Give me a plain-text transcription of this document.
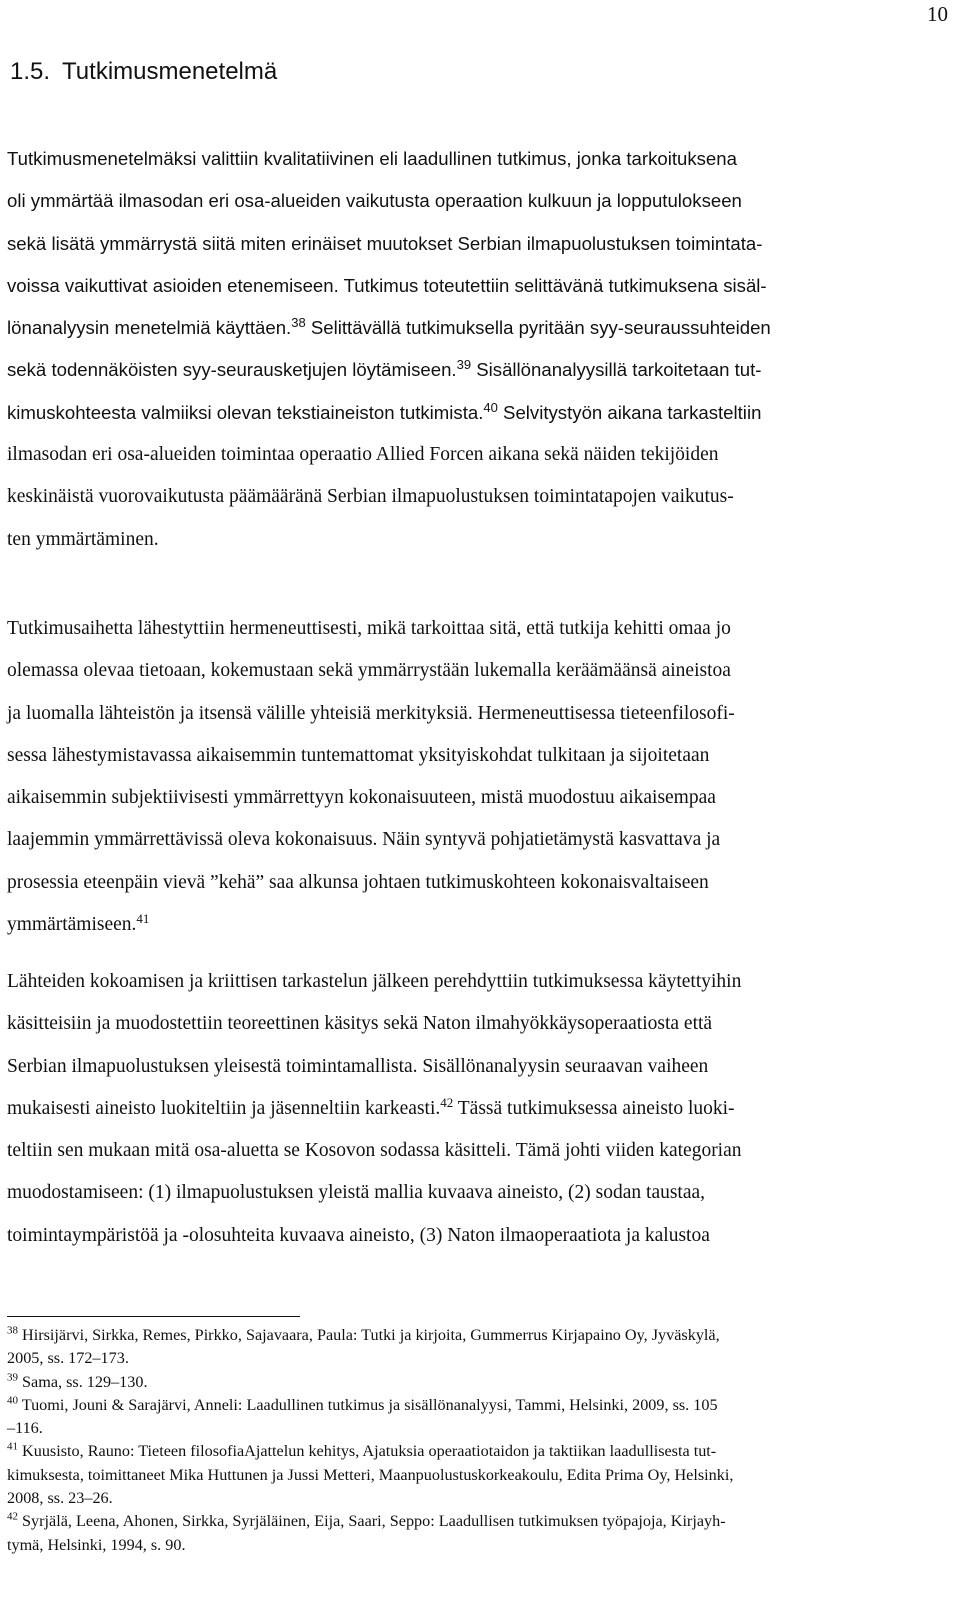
10
1.5. Tutkimusmenetelmä
Tutkimusmenetelmäksi valittiin kvalitatiivinen eli laadullinen tutkimus, jonka tarkoituksena
oli ymmärtää ilmasodan eri osa-alueiden vaikutusta operaation kulkuun ja lopputulokseen
sekä lisätä ymmärrystä siitä miten erinäiset muutokset Serbian ilmapuolustuksen toimintata-
voissa vaikuttivat asioiden etenemiseen. Tutkimus toteutettiin selittävänä tutkimuksena sisäl-
lönanalyysin menetelmiä käyttäen.$^{38}$ Selittävällä tutkimuksella pyritään syy-seuraussuhteiden
sekä todennäköisten syy-seurausketjujen löytämiseen.$^{39}$ Sisällönanalyysillä tarkoitetaan tut-
kimuskohteesta valmiiksi olevan tekstiaineiston tutkimista.$^{40}$ Selvitystyön aikana tarkasteltiin
ilmasodan eri osa-alueiden toimintaa operaatio Allied Forcen aikana sekä näiden tekijöiden
keskinäistä vuorovaikutusta päämääränä Serbian ilmapuolustuksen toimintatapojen vaikutus-
ten ymmärtäminen.
Tutkimusaihetta lähestyttiin hermeneuttisesti, mikä tarkoittaa sitä, että tutkija kehitti omaa jo
olemassa olevaa tietoaan, kokemustaan sekä ymmärrystään lukemalla keräämäänsä aineistoa
ja luomalla lähteistön ja itsensä välille yhteisiä merkityksiä. Hermeneuttisessa tieteenfilosofi-
sessa lähestymistavassa aikaisemmin tuntemattomat yksityiskohdat tulkitaan ja sijoitetaan
aikaisemmin subjektiivisesti ymmärrettyyn kokonaisuuteen, mistä muodostuu aikaisempaa
laajemmin ymmärrettävissä oleva kokonaisuus. Näin syntyvä pohjatietämystä kasvattava ja
prosessia eteenpäin vievä ”kehä” saa alkunsa johtaen tutkimuskohteen kokonaisvaltaiseen
ymmärtämiseen.$^{41}$
Lähteiden kokoamisen ja kriittisen tarkastelun jälkeen perehdyttiin tutkimuksessa käytettyihin
käsitteisiin ja muodostettiin teoreettinen käsitys sekä Naton ilmahyökkäysoperaatiosta että
Serbian ilmapuolustuksen yleisestä toimintamallista. Sisällönanalyysin seuraavan vaiheen
mukaisesti aineisto luokiteltiin ja jäsenneltiin karkeasti.$^{42}$ Tässä tutkimuksessa aineisto luoki-
teltiin sen mukaan mitä osa-aluetta se Kosovon sodassa käsitteli. Tämä johti viiden kategorian
muodostamiseen: (1) ilmapuolustuksen yleistä mallia kuvaava aineisto, (2) sodan taustaa,
toimintaympäristöä ja -olosuhteita kuvaava aineisto, (3) Naton ilmaoperaatiota ja kalustoa
$^{38}$ Hirsijärvi, Sirkka, Remes, Pirkko, Sajavaara, Paula: Tutki ja kirjoita, Gummerrus Kirjapaino Oy, Jyväskylä,
2005, ss. 172–173.
$^{39}$ Sama, ss. 129–130.
$^{40}$ Tuomi, Jouni & Sarajärvi, Anneli: Laadullinen tutkimus ja sisällönanalyysi, Tammi, Helsinki, 2009, ss. 105
–116.
$^{41}$ Kuusisto, Rauno: Tieteen filosofiaAjattelun kehitys, Ajatuksia operaatiotaidon ja taktiikan laadullisesta tut-
kimuksesta, toimittaneet Mika Huttunen ja Jussi Metteri, Maanpuolustuskorkeakoulu, Edita Prima Oy, Helsinki,
2008, ss. 23–26.
$^{42}$ Syrjälä, Leena, Ahonen, Sirkka, Syrjäläinen, Eija, Saari, Seppo: Laadullisen tutkimuksen työpajoja, Kirjayh-
tymä, Helsinki, 1994, s. 90.
